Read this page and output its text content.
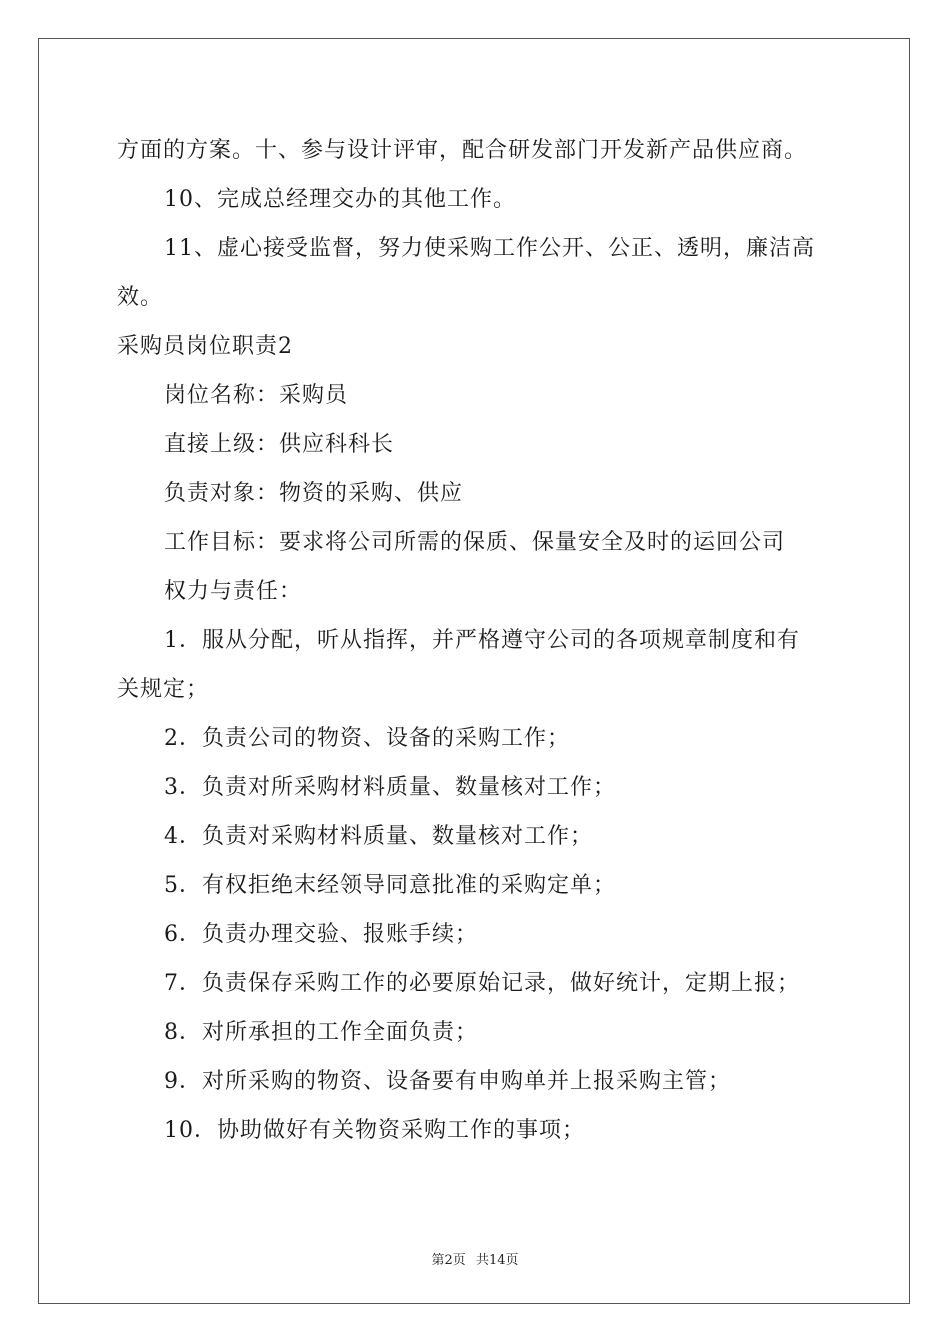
方面的方案。十、参与设计评审，配合研发部门开发新产品供应商。
10、完成总经理交办的其他工作。
11、虚心接受监督，努力使采购工作公开、公正、透明，廉洁高
效。
采购员岗位职责2
岗位名称：采购员
直接上级：供应科科长
负责对象：物资的采购、供应
工作目标：要求将公司所需的保质、保量安全及时的运回公司
权力与责任：
1．服从分配，听从指挥，并严格遵守公司的各项规章制度和有
关规定；
2．负责公司的物资、设备的采购工作；
3．负责对所采购材料质量、数量核对工作；
4．负责对采购材料质量、数量核对工作；
5．有权拒绝末经领导同意批准的采购定单；
6．负责办理交验、报账手续；
7．负责保存采购工作的必要原始记录，做好统计，定期上报；
8．对所承担的工作全面负责；
9．对所采购的物资、设备要有申购单并上报采购主管；
10．协助做好有关物资采购工作的事项；
第2页 共14页
